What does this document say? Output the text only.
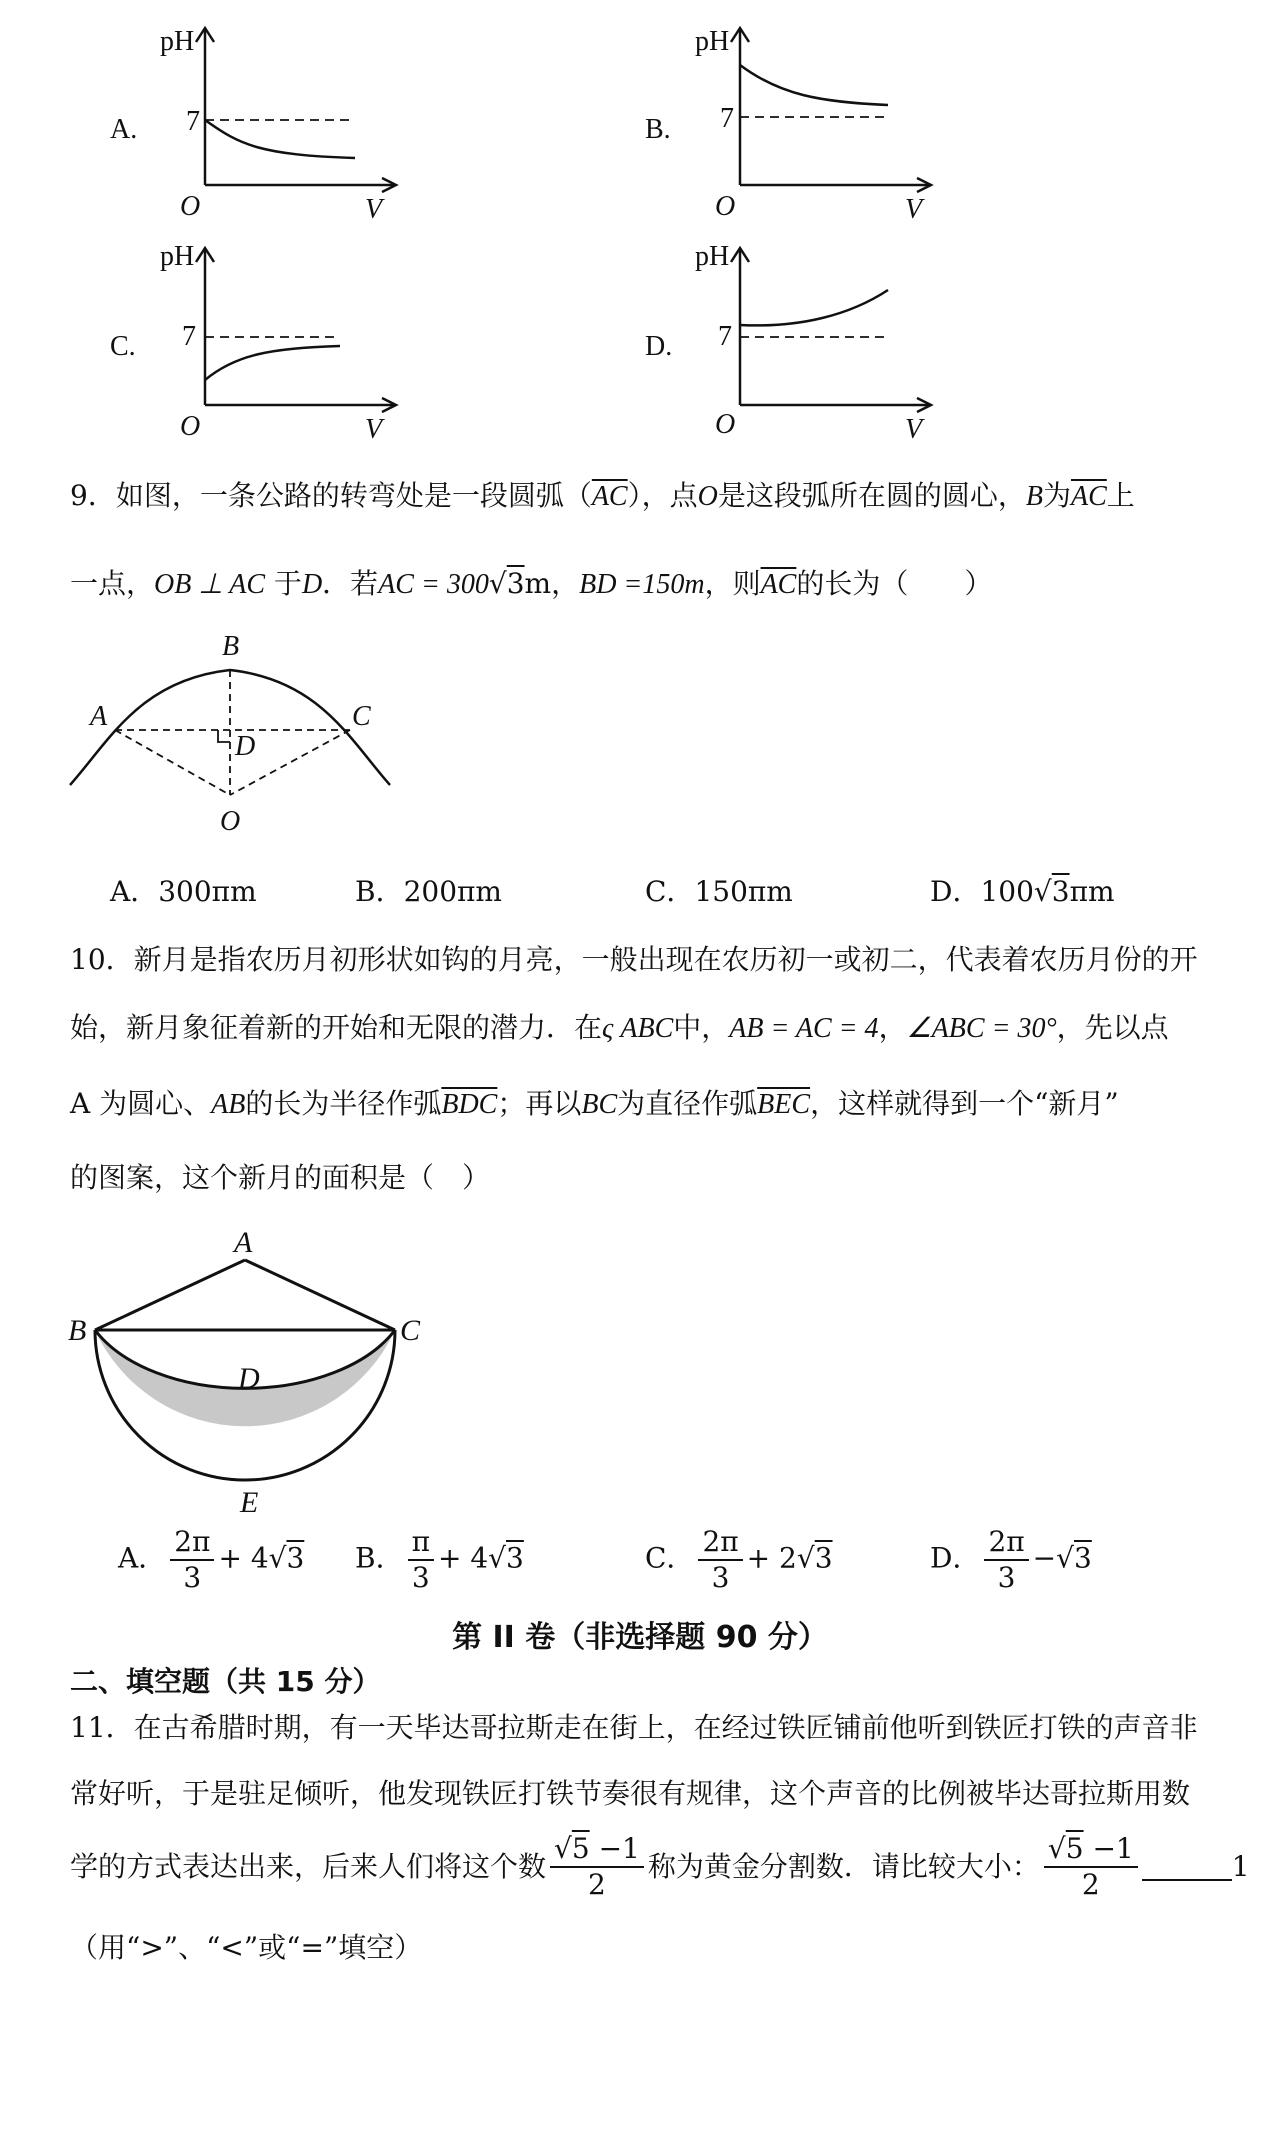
A.
pH
7
O	V
B.
pH
7
O	V
C.
pH
7
O	V
D.
pH
7
O	V
9．如图，一条公路的转弯处是一段圆弧$(\overline{AC})$，点O是这段弧所在圆的圆心，B为$\overline{AC}$上
一点，OB ⊥ AC 于D．若AC = 300√3m，BD =150m，则$\overline{AC}$的长为（　　）
B
A	C
D
O
A．300πm	B．200πm	C．150πm	D．100√3πm
10．新月是指农历月初形状如钩的月亮，一般出现在农历初一或初二，代表着农历月份的开
始，新月象征着新的开始和无限的潜力．在ς ABC中，AB = AC = 4，∠ABC = 30°，先以点
A 为圆心、AB的长为半径作弧$\overline{BDC}$；再以BC为直径作弧$\overline{BEC}$，这样就得到一个“新月”
的图案，这个新月的面积是（　）
A
B	C
D
E
A． $\frac{2\pi}{3} + 4√3$ B． $\frac{\pi}{3} + 4√3$	C． $\frac{2\pi}{3} + 2√3$	D． $\frac{2\pi}{3} -√3$
第 II 卷（非选择题 90 分）
二、填空题（共 15 分）
11．在古希腊时期，有一天毕达哥拉斯走在街上，在经过铁匠铺前他听到铁匠打铁的声音非
常好听，于是驻足倾听，他发现铁匠打铁节奏很有规律，这个声音的比例被毕达哥拉斯用数
学的方式表达出来，后来人们将这个数 $\frac{√5 -1}{2}$ 称为黄金分割数．请比较大小： $\frac{√5 -1}{2}$	1
（用“>”、“<”或“=”填空）
